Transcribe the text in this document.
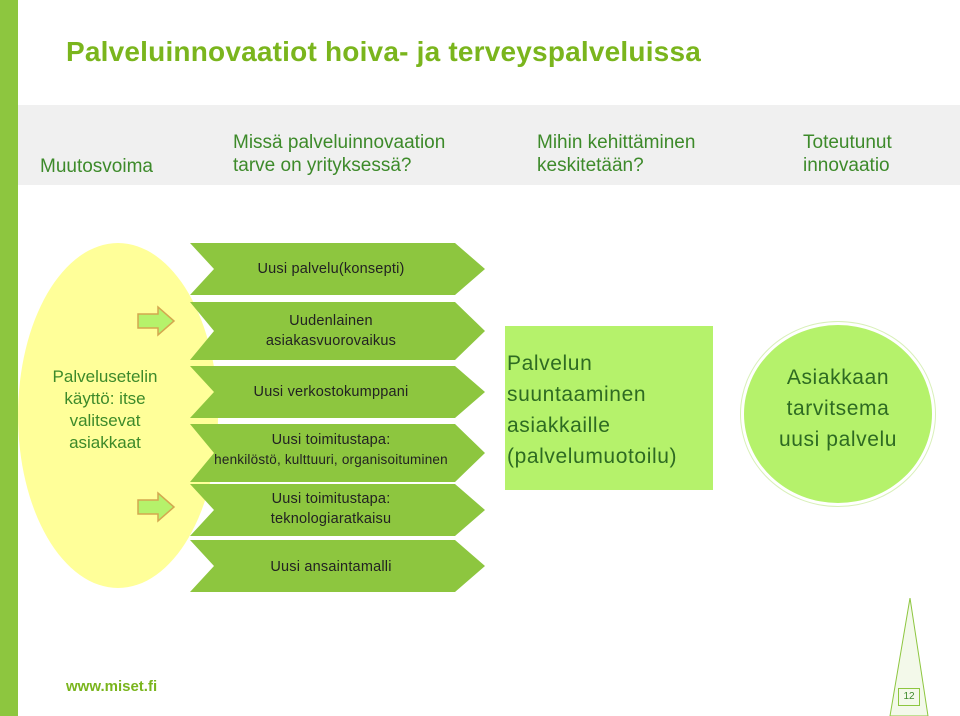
Palveluinnovaatiot hoiva- ja terveyspalveluissa
Muutosvoima
Missä palveluinnovaation
tarve on yrityksessä?
Mihin kehittäminen
keskitetään?
Toteutunut
innovaatio
Palvelusetelin
käyttö: itse
valitsevat
asiakkaat
Uusi palvelu(konsepti)
Uudenlainen
asiakasvuorovaikus
Uusi verkostokumppani
Uusi toimitustapa:
henkilöstö, kulttuuri, organisoituminen
Uusi toimitustapa:
teknologiaratkaisu
Uusi ansaintamalli
Palvelun
suuntaaminen
asiakkaille
(palvelumuotoilu)
Asiakkaan
tarvitsema
uusi palvelu
www.miset.fi
12
